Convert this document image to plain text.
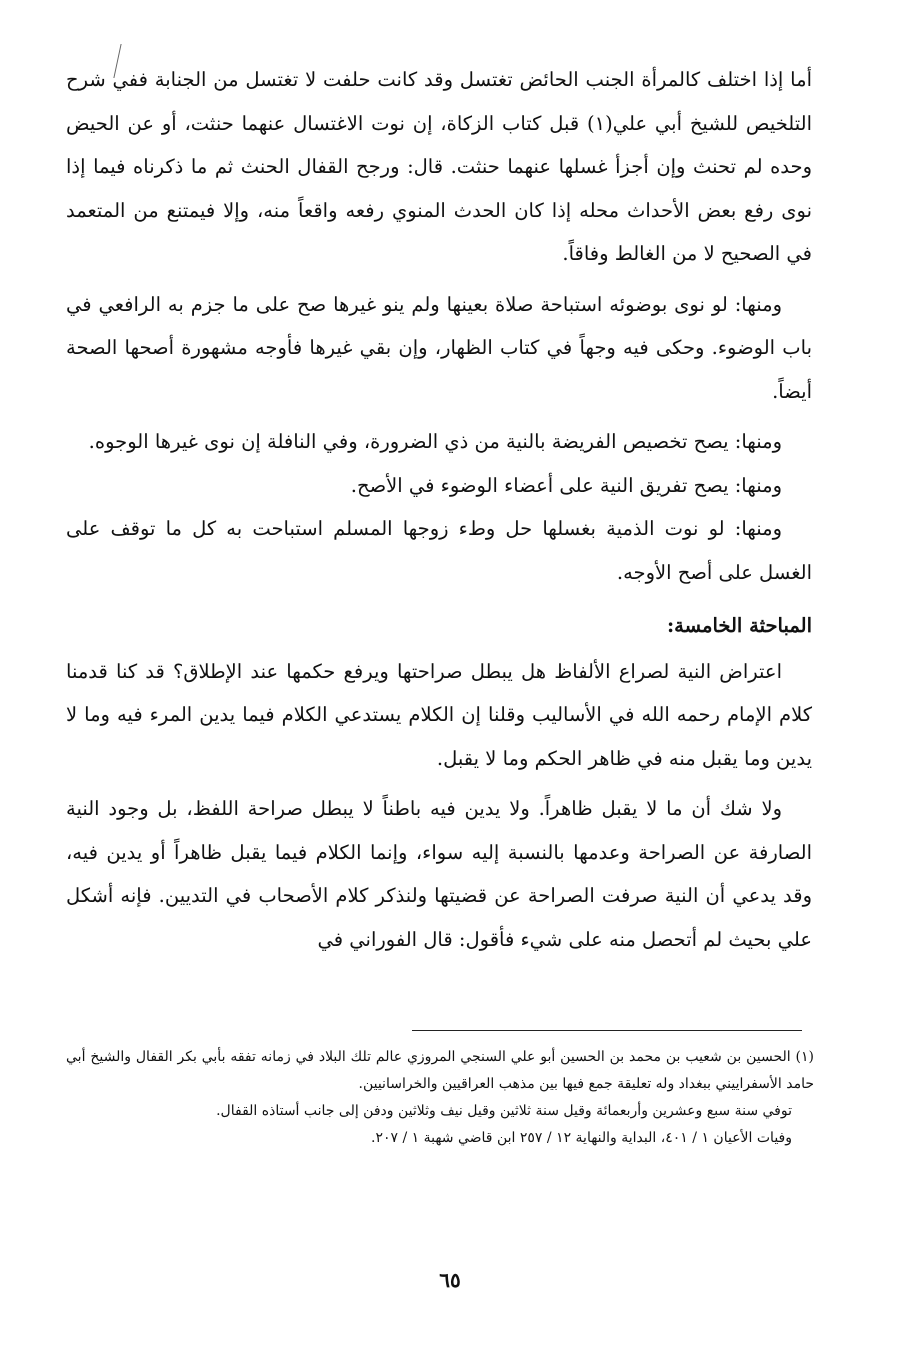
أما إذا اختلف كالمرأة الجنب الحائض تغتسل وقد كانت حلفت لا تغتسل من الجنابة ففي شرح التلخيص للشيخ أبي علي(١) قبل كتاب الزكاة، إن نوت الاغتسال عنهما حنثت، أو عن الحيض وحده لم تحنث وإن أجزأ غسلها عنهما حنثت. قال: ورجح القفال الحنث ثم ما ذكرناه فيما إذا نوى رفع بعض الأحداث محله إذا كان الحدث المنوي رفعه واقعاً منه، وإلا فيمتنع من المتعمد في الصحيح لا من الغالط وفاقاً.

ومنها: لو نوى بوضوئه استباحة صلاة بعينها ولم ينو غيرها صح على ما جزم به الرافعي في باب الوضوء. وحكى فيه وجهاً في كتاب الظهار، وإن بقي غيرها فأوجه مشهورة أصحها الصحة أيضاً.

ومنها: يصح تخصيص الفريضة بالنية من ذي الضرورة، وفي النافلة إن نوى غيرها الوجوه.

ومنها: يصح تفريق النية على أعضاء الوضوء في الأصح.

ومنها: لو نوت الذمية بغسلها حل وطء زوجها المسلم استباحت به كل ما توقف على الغسل على أصح الأوجه.

المباحثة الخامسة:

اعتراض النية لصراع الألفاظ هل يبطل صراحتها ويرفع حكمها عند الإطلاق؟ قد كنا قدمنا كلام الإمام رحمه الله في الأساليب وقلنا إن الكلام يستدعي الكلام فيما يدين المرء فيه وما لا يدين وما يقبل منه في ظاهر الحكم وما لا يقبل.

ولا شك أن ما لا يقبل ظاهراً. ولا يدين فيه باطناً لا يبطل صراحة اللفظ، بل وجود النية الصارفة عن الصراحة وعدمها بالنسبة إليه سواء، وإنما الكلام فيما يقبل ظاهراً أو يدين فيه، وقد يدعي أن النية صرفت الصراحة عن قضيتها ولنذكر كلام الأصحاب في التديين. فإنه أشكل علي بحيث لم أتحصل منه على شيء فأقول: قال الفوراني في

(١) الحسين بن شعيب بن محمد بن الحسين أبو علي السنجي المروزي عالم تلك البلاد في زمانه تفقه بأبي بكر القفال والشيخ أبي حامد الأسفراييني ببغداد وله تعليقة جمع فيها بين مذهب العراقيين والخراسانيين.

توفي سنة سبع وعشرين وأربعمائة وقيل سنة ثلاثين وقيل نيف وثلاثين ودفن إلى جانب أستاذه القفال.

وفيات الأعيان ١ / ٤٠١، البداية والنهاية ١٢ / ٢٥٧ ابن قاضي شهبة ١ / ٢٠٧.

٦٥
